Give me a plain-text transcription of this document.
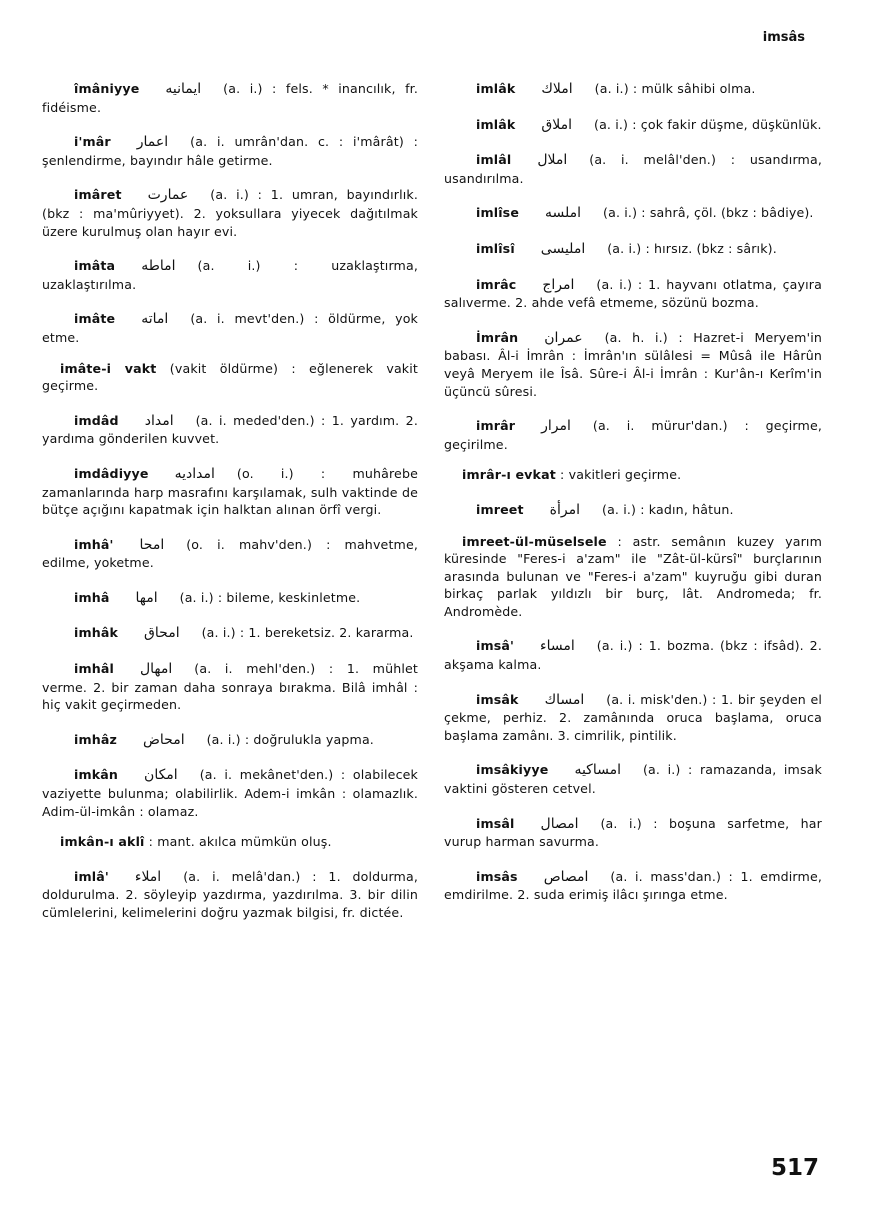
imsâs
îmâniyye ايمانيه (a. i.) : fels. * inancılık, fr. fidéisme.
i'mâr اعمار (a. i. umrân'dan. c. : i'mârât) : şenlendirme, bayındır hâle getirme.
imâret عمارت (a. i.) : 1. umran, bayındırlık. (bkz : ma'mûriyyet). 2. yoksullara yiyecek dağıtılmak üzere kurulmuş olan hayır evi.
imâta اماطه (a. i.) : uzaklaştırma, uzaklaştırılma.
imâte اماته (a. i. mevt'den.) : öldürme, yok etme.
imâte-i vakt (vakit öldürme) : eğlenerek vakit geçirme.
imdâd امداد (a. i. meded'den.) : 1. yardım. 2. yardıma gönderilen kuvvet.
imdâdiyye امداديه (o. i.) : muhârebe zamanlarında harp masrafını karşılamak, sulh vaktinde de bütçe açığını kapatmak için halktan alınan örfî vergi.
imhâ' امحا (o. i. mahv'den.) : mahvetme, edilme, yoketme.
imhâ امها (a. i.) : bileme, keskinletme.
imhâk امحاق (a. i.) : 1. bereketsiz. 2. kararma.
imhâl امهال (a. i. mehl'den.) : 1. mühlet verme. 2. bir zaman daha sonraya bırakma. Bilâ imhâl : hiç vakit geçirmeden.
imhâz امحاض (a. i.) : doğrulukla yapma.
imkân امكان (a. i. mekânet'den.) : olabilecek vaziyette bulunma; olabilirlik. Adem-i imkân : olamazlık. Adim-ül-imkân : olamaz.
imkân-ı aklî : mant. akılca mümkün oluş.
imlâ' املاء (a. i. melâ'dan.) : 1. doldurma, doldurulma. 2. söyleyip yazdırma, yazdırılma. 3. bir dilin cümlelerini, kelimelerini doğru yazmak bilgisi, fr. dictée.
imlâk املاك (a. i.) : mülk sâhibi olma.
imlâk املاق (a. i.) : çok fakir düşme, düşkünlük.
imlâl املال (a. i. melâl'den.) : usandırma, usandırılma.
imlîse املسه (a. i.) : sahrâ, çöl. (bkz : bâdiye).
imlîsî امليسى (a. i.) : hırsız. (bkz : sârık).
imrâc امراج (a. i.) : 1. hayvanı otlatma, çayıra salıverme. 2. ahde vefâ etmeme, sözünü bozma.
İmrân عمران (a. h. i.) : Hazret-i Meryem'in babası. Âl-i İmrân : İmrân'ın sülâlesi = Mûsâ ile Hârûn veyâ Meryem ile Îsâ. Sûre-i Âl-i İmrân : Kur'ân-ı Kerîm'in üçüncü sûresi.
imrâr امرار (a. i. mürur'dan.) : geçirme, geçirilme.
imrâr-ı evkat : vakitleri geçirme.
imreet امرأة (a. i.) : kadın, hâtun.
imreet-ül-müselsele : astr. semânın kuzey yarım küresinde "Feres-i a'zam" ile "Zât-ül-kürsî" burçlarının arasında bulunan ve "Feres-i a'zam" kuyruğu gibi duran birkaç parlak yıldızlı bir burç, lât. Andromeda; fr. Andromède.
imsâ' امساء (a. i.) : 1. bozma. (bkz : ifsâd). 2. akşama kalma.
imsâk امساك (a. i. misk'den.) : 1. bir şeyden el çekme, perhiz. 2. zamânında oruca başlama, oruca başlama zamânı. 3. cimrilik, pintilik.
imsâkiyye امساكيه (a. i.) : ramazanda, imsak vaktini gösteren cetvel.
imsâl امصال (a. i.) : boşuna sarfetme, har vurup harman savurma.
imsâs امصاص (a. i. mass'dan.) : 1. emdirme, emdirilme. 2. suda erimiş ilâcı şırınga etme.
517
